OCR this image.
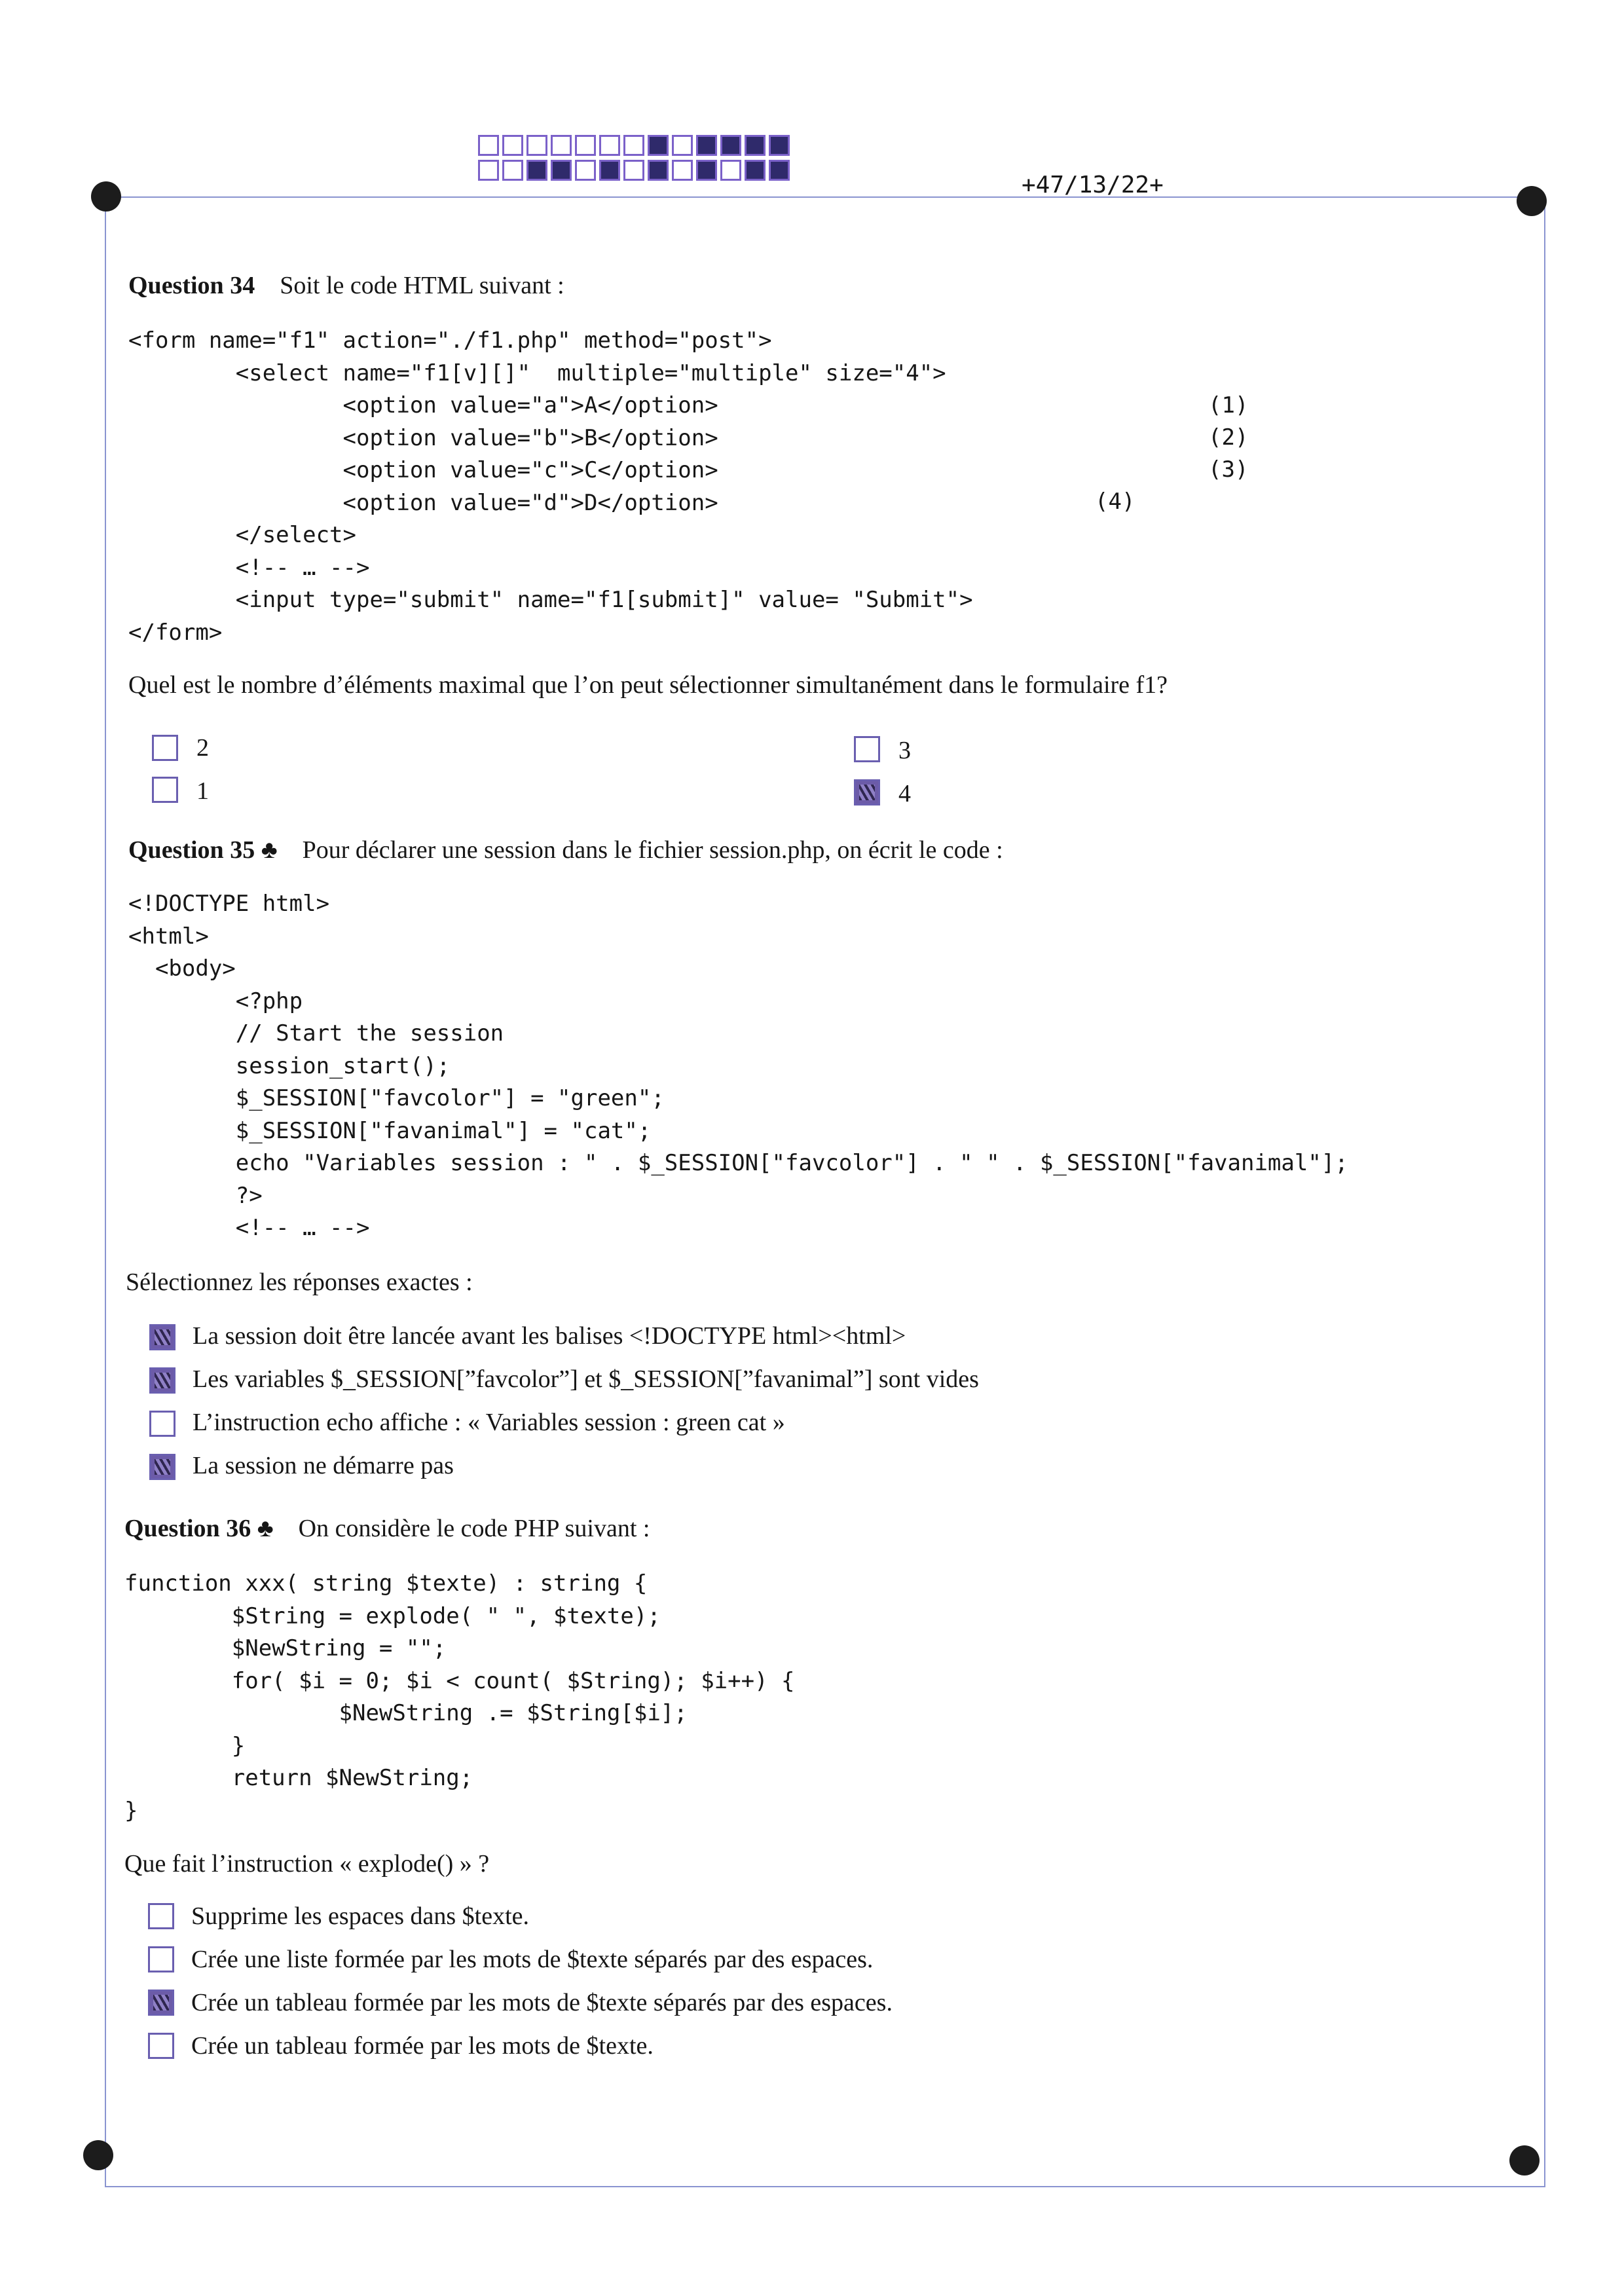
+47/13/22+
Question 34 Soit le code HTML suivant :
<form name="f1" action="./f1.php" method="post">
<select name="f1[v][]"  multiple="multiple" size="4">
<option value="a">A</option>
<option value="b">B</option>
<option value="c">C</option>
<option value="d">D</option>
</select>
<!-- … -->
<input type="submit" name="f1[submit]" value= "Submit">
</form>
(1)
(2)
(3)
(4)
Quel est le nombre d’éléments maximal que l’on peut sélectionner simultanément dans le formulaire f1?
2	3
1	4
Question 35 ♣ Pour déclarer une session dans le fichier session.php, on écrit le code :
<!DOCTYPE html>
<html>
<body>
<?php
// Start the session
session_start();
$_SESSION["favcolor"] = "green";
$_SESSION["favanimal"] = "cat";
echo "Variables session : " . $_SESSION["favcolor"] . " " . $_SESSION["favanimal"];
?>
<!-- … -->
Sélectionnez les réponses exactes :
La session doit être lancée avant les balises <!DOCTYPE html><html>
Les variables $_SESSION[”favcolor”] et $_SESSION[”favanimal”] sont vides
L’instruction echo affiche : « Variables session : green cat »
La session ne démarre pas
Question 36 ♣ On considère le code PHP suivant :
function xxx( string $texte) : string {
$String = explode( " ", $texte);
$NewString = "";
for( $i = 0; $i < count( $String); $i++) {
$NewString .= $String[$i];
}
return $NewString;
}
Que fait l’instruction « explode() » ?
Supprime les espaces dans $texte.
Crée une liste formée par les mots de $texte séparés par des espaces.
Crée un tableau formée par les mots de $texte séparés par des espaces.
Crée un tableau formée par les mots de $texte.
